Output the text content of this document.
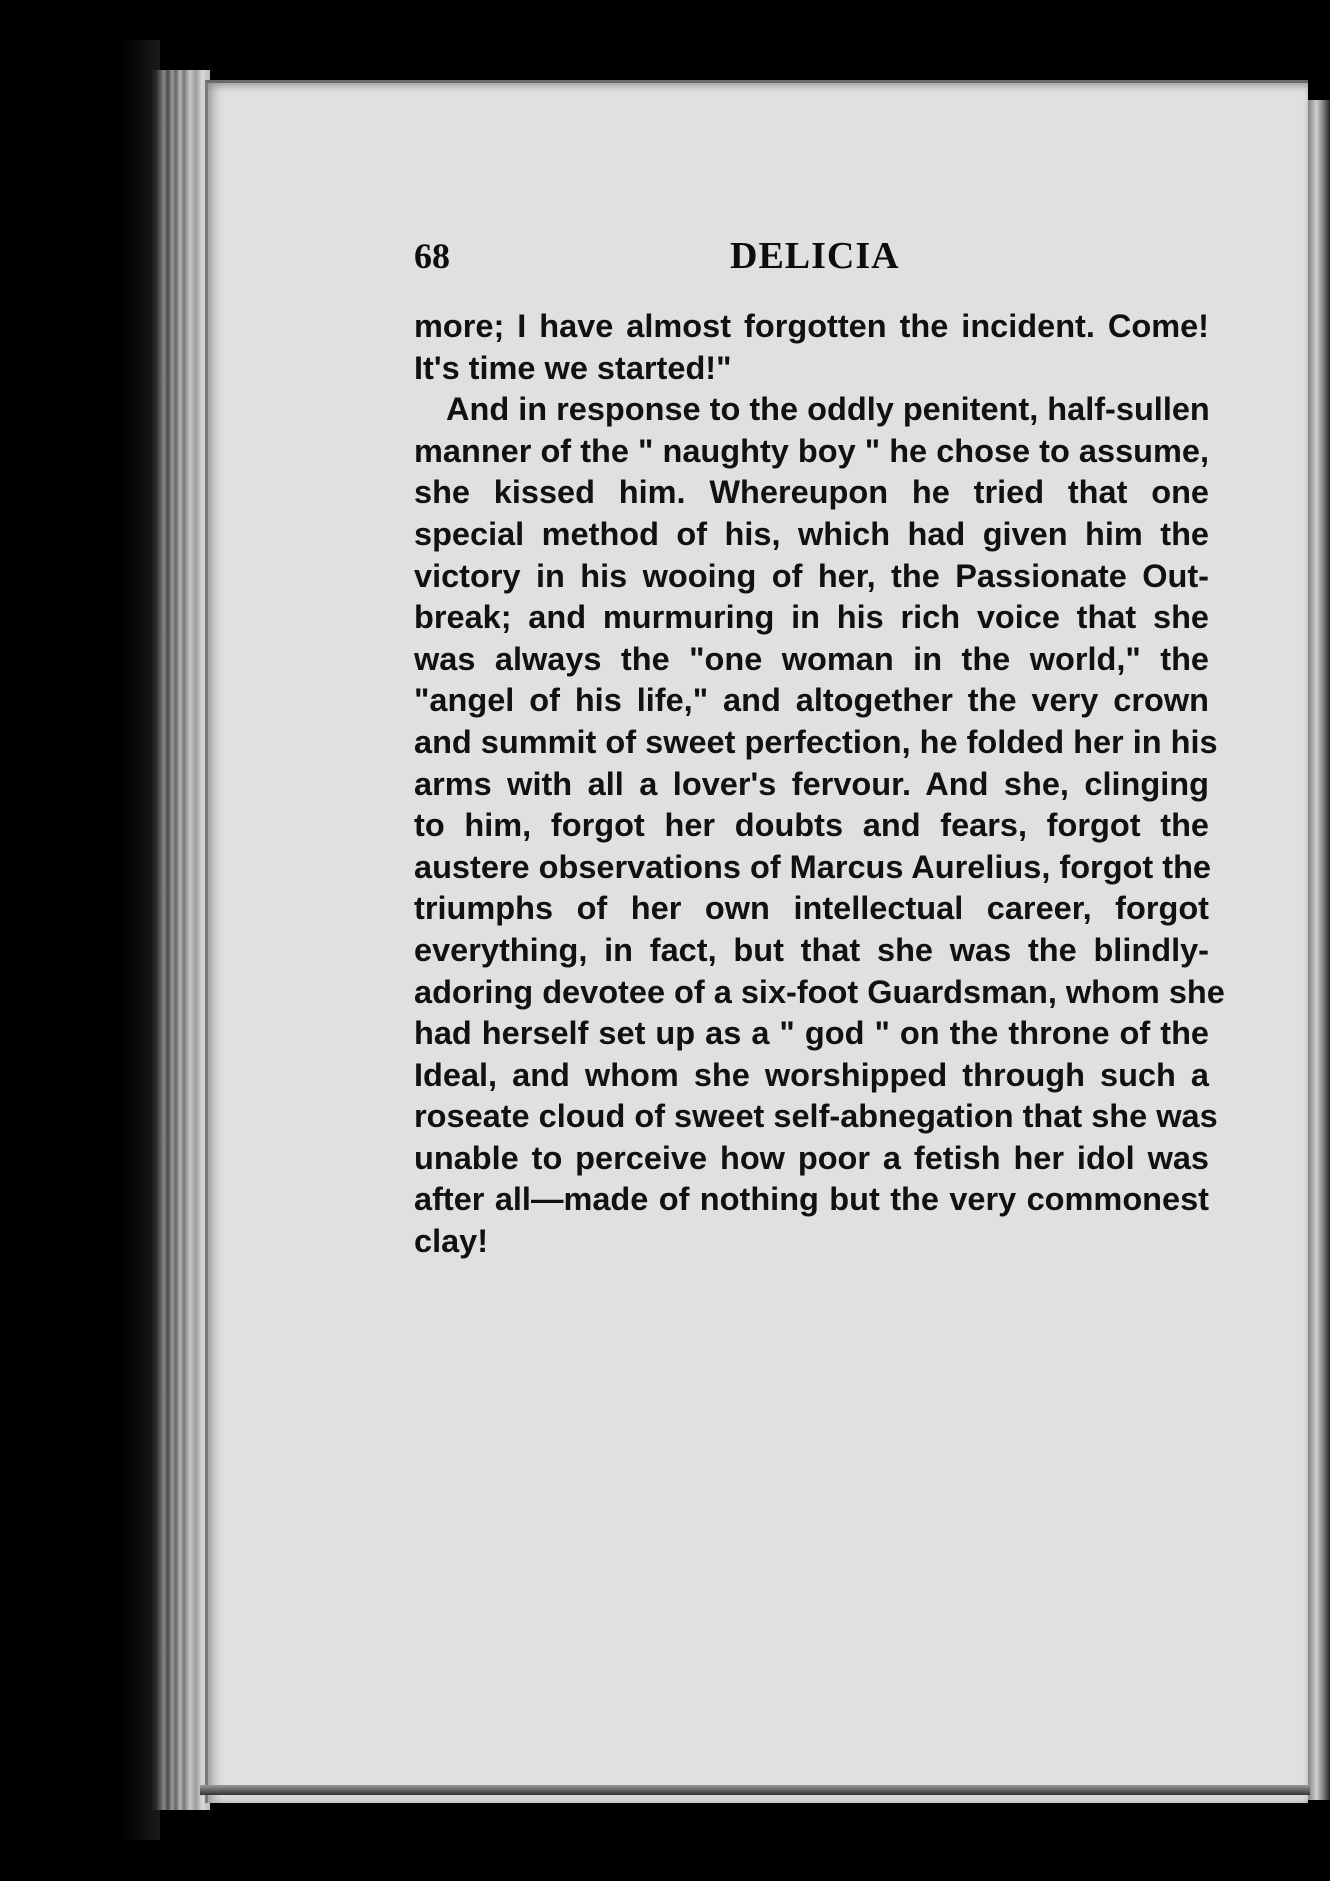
68	DELICIA
more; I have almost forgotten the incident. Come!
It's time we started!"
And in response to the oddly penitent, half-sullen
manner of the " naughty boy " he chose to assume,
she kissed him. Whereupon he tried that one
special method of his, which had given him the
victory in his wooing of her, the Passionate Out-
break; and murmuring in his rich voice that she
was always the "one woman in the world," the
"angel of his life," and altogether the very crown
and summit of sweet perfection, he folded her in his
arms with all a lover's fervour. And she, clinging
to him, forgot her doubts and fears, forgot the
austere observations of Marcus Aurelius, forgot the
triumphs of her own intellectual career, forgot
everything, in fact, but that she was the blindly-
adoring devotee of a six-foot Guardsman, whom she
had herself set up as a " god " on the throne of the
Ideal, and whom she worshipped through such a
roseate cloud of sweet self-abnegation that she was
unable to perceive how poor a fetish her idol was
after all—made of nothing but the very commonest
clay!
